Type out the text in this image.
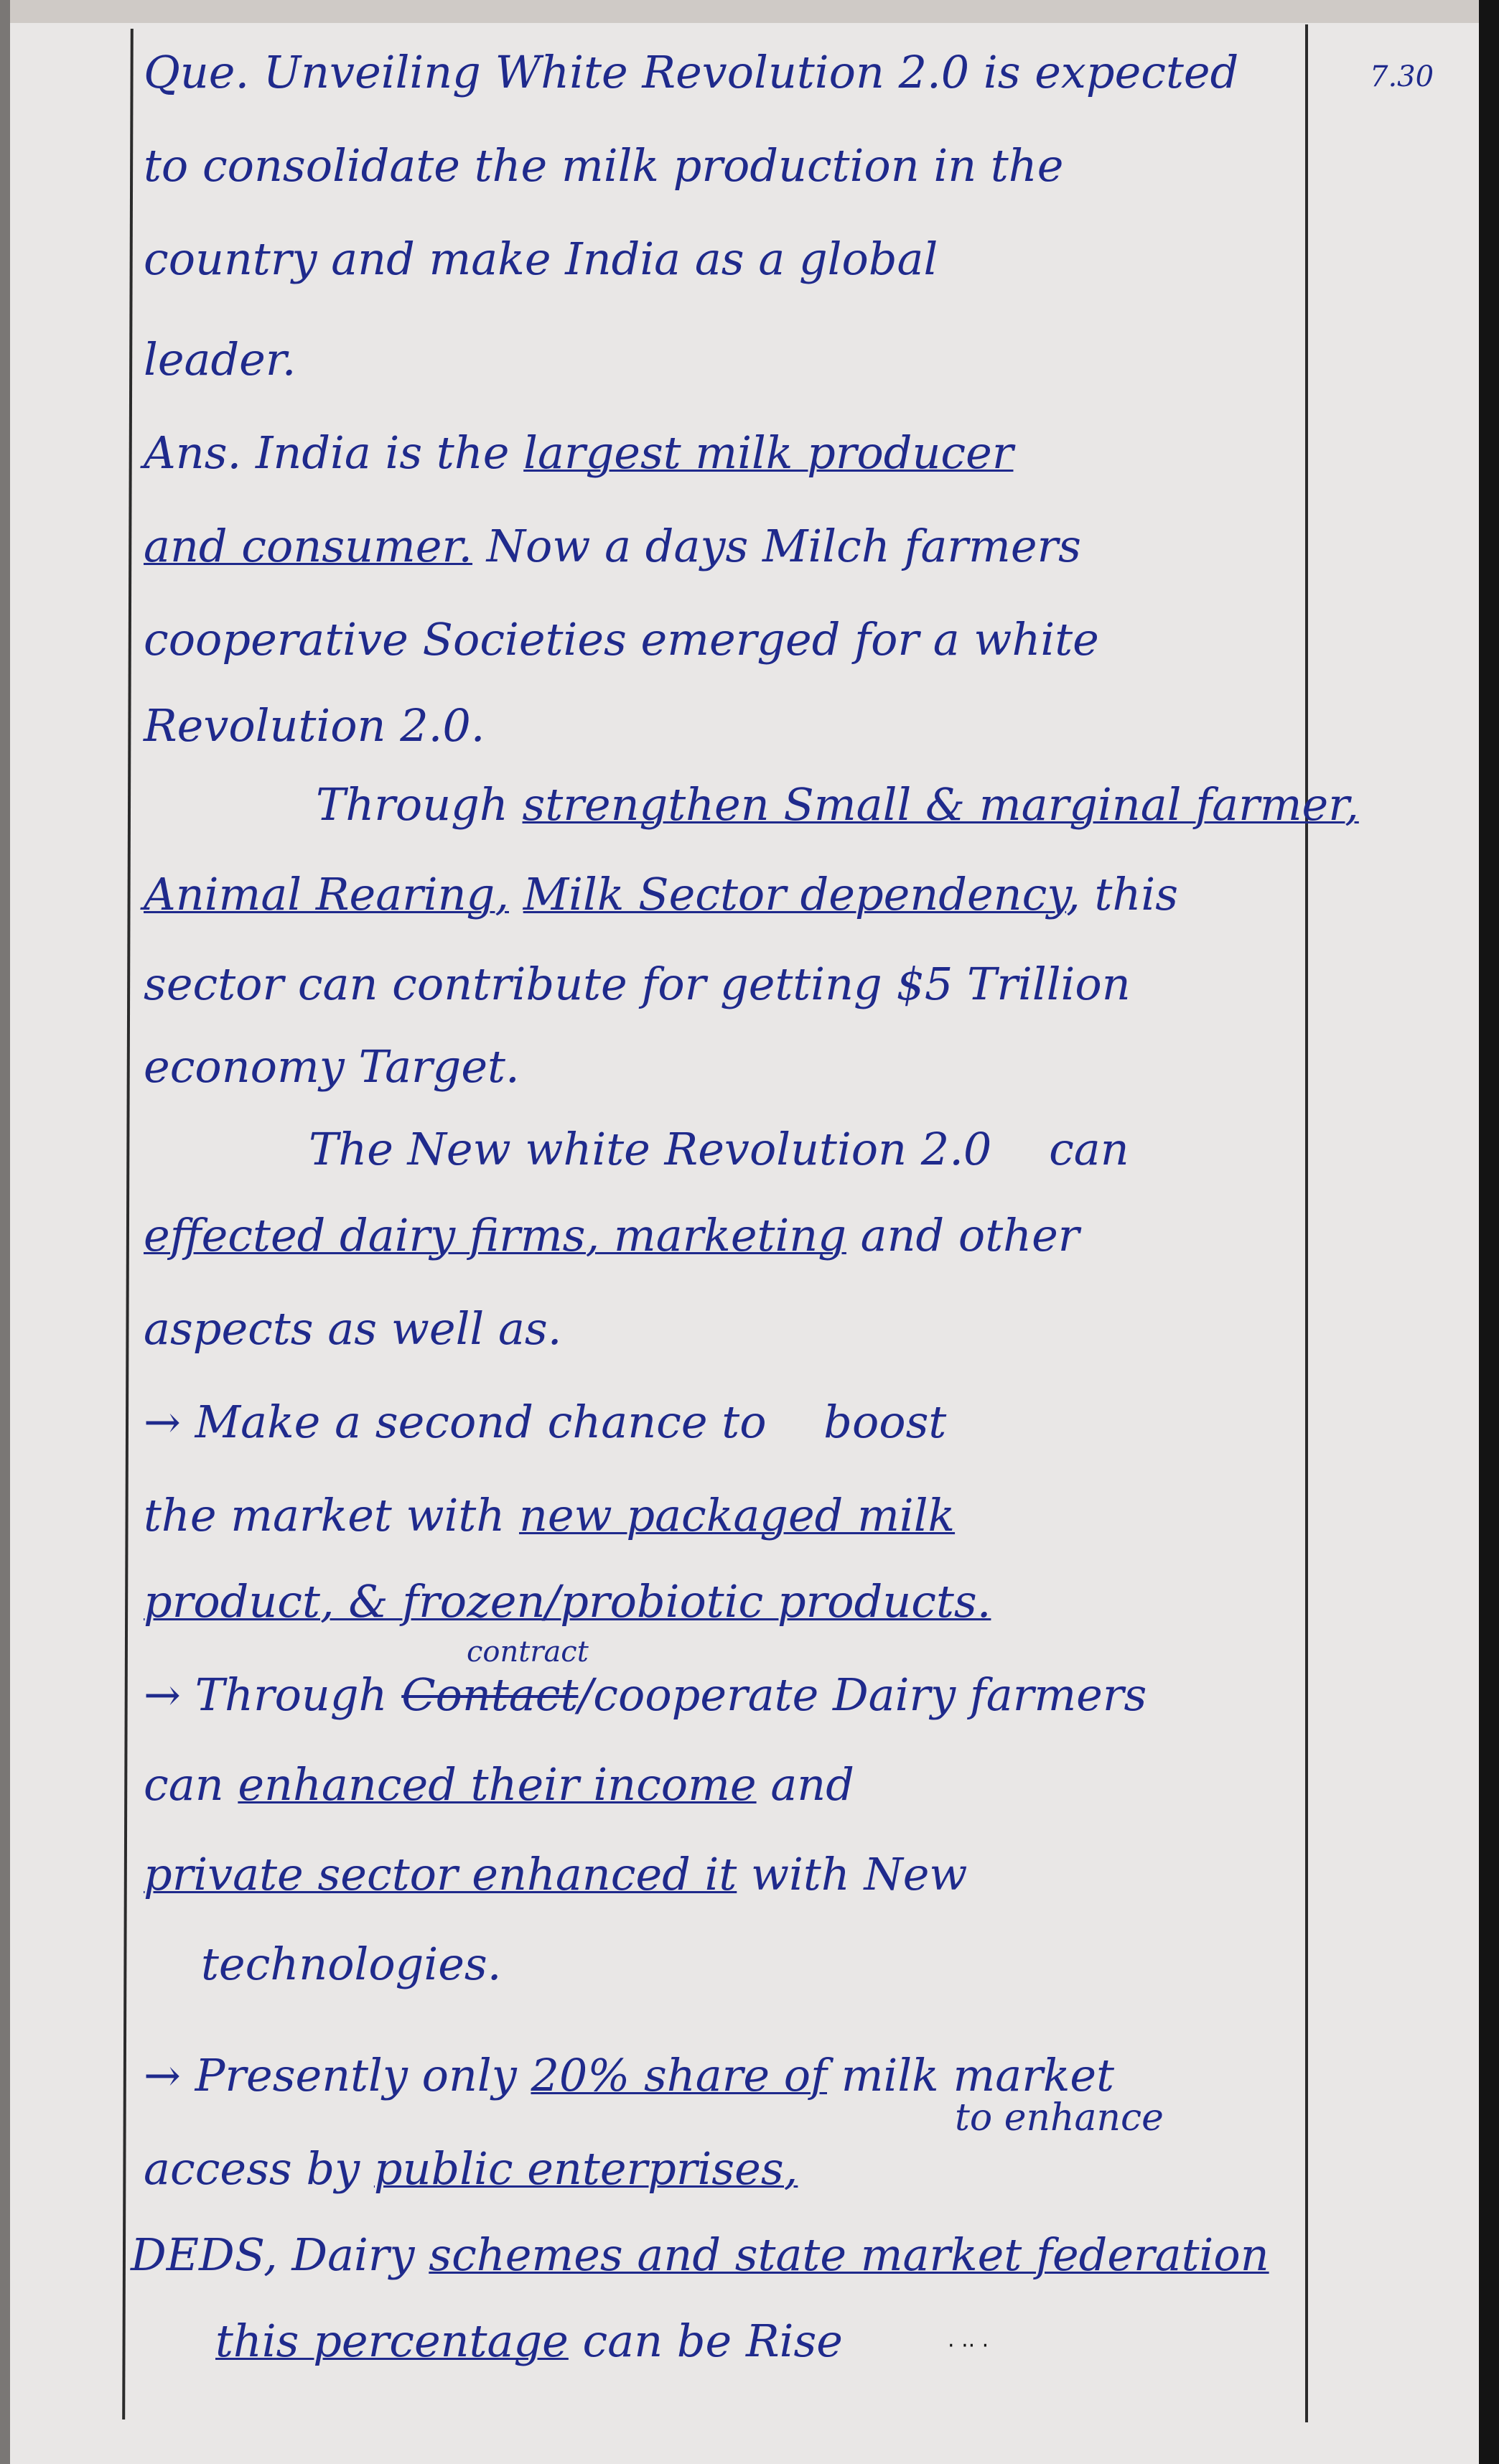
7.30
Que. Unveiling White Revolution 2.0 is expected
to consolidate the milk production in the
country and make India as a global
leader.
Ans. India is the largest milk producer
and consumer. Now a days Milch farmers
cooperative Societies emerged for a white
Revolution 2.0.
Through strengthen Small & marginal farmer,
Animal Rearing, Milk Sector dependency, this
sector can contribute for getting $5 Trillion
economy Target.
The New white Revolution 2.0 can
effected dairy firms, marketing and other
aspects as well as.
→ Make a second chance to boost
the market with new packaged milk
product, & frozen/probiotic products.
contract
→ Through Contact/cooperate Dairy farmers
can enhanced their income and
private sector enhanced it with New
technologies.
→ Presently only 20% share of milk market
to enhance
access by public enterprises,
DEDS, Dairy schemes and state market federation
this percentage can be Rise	· ·· ·
